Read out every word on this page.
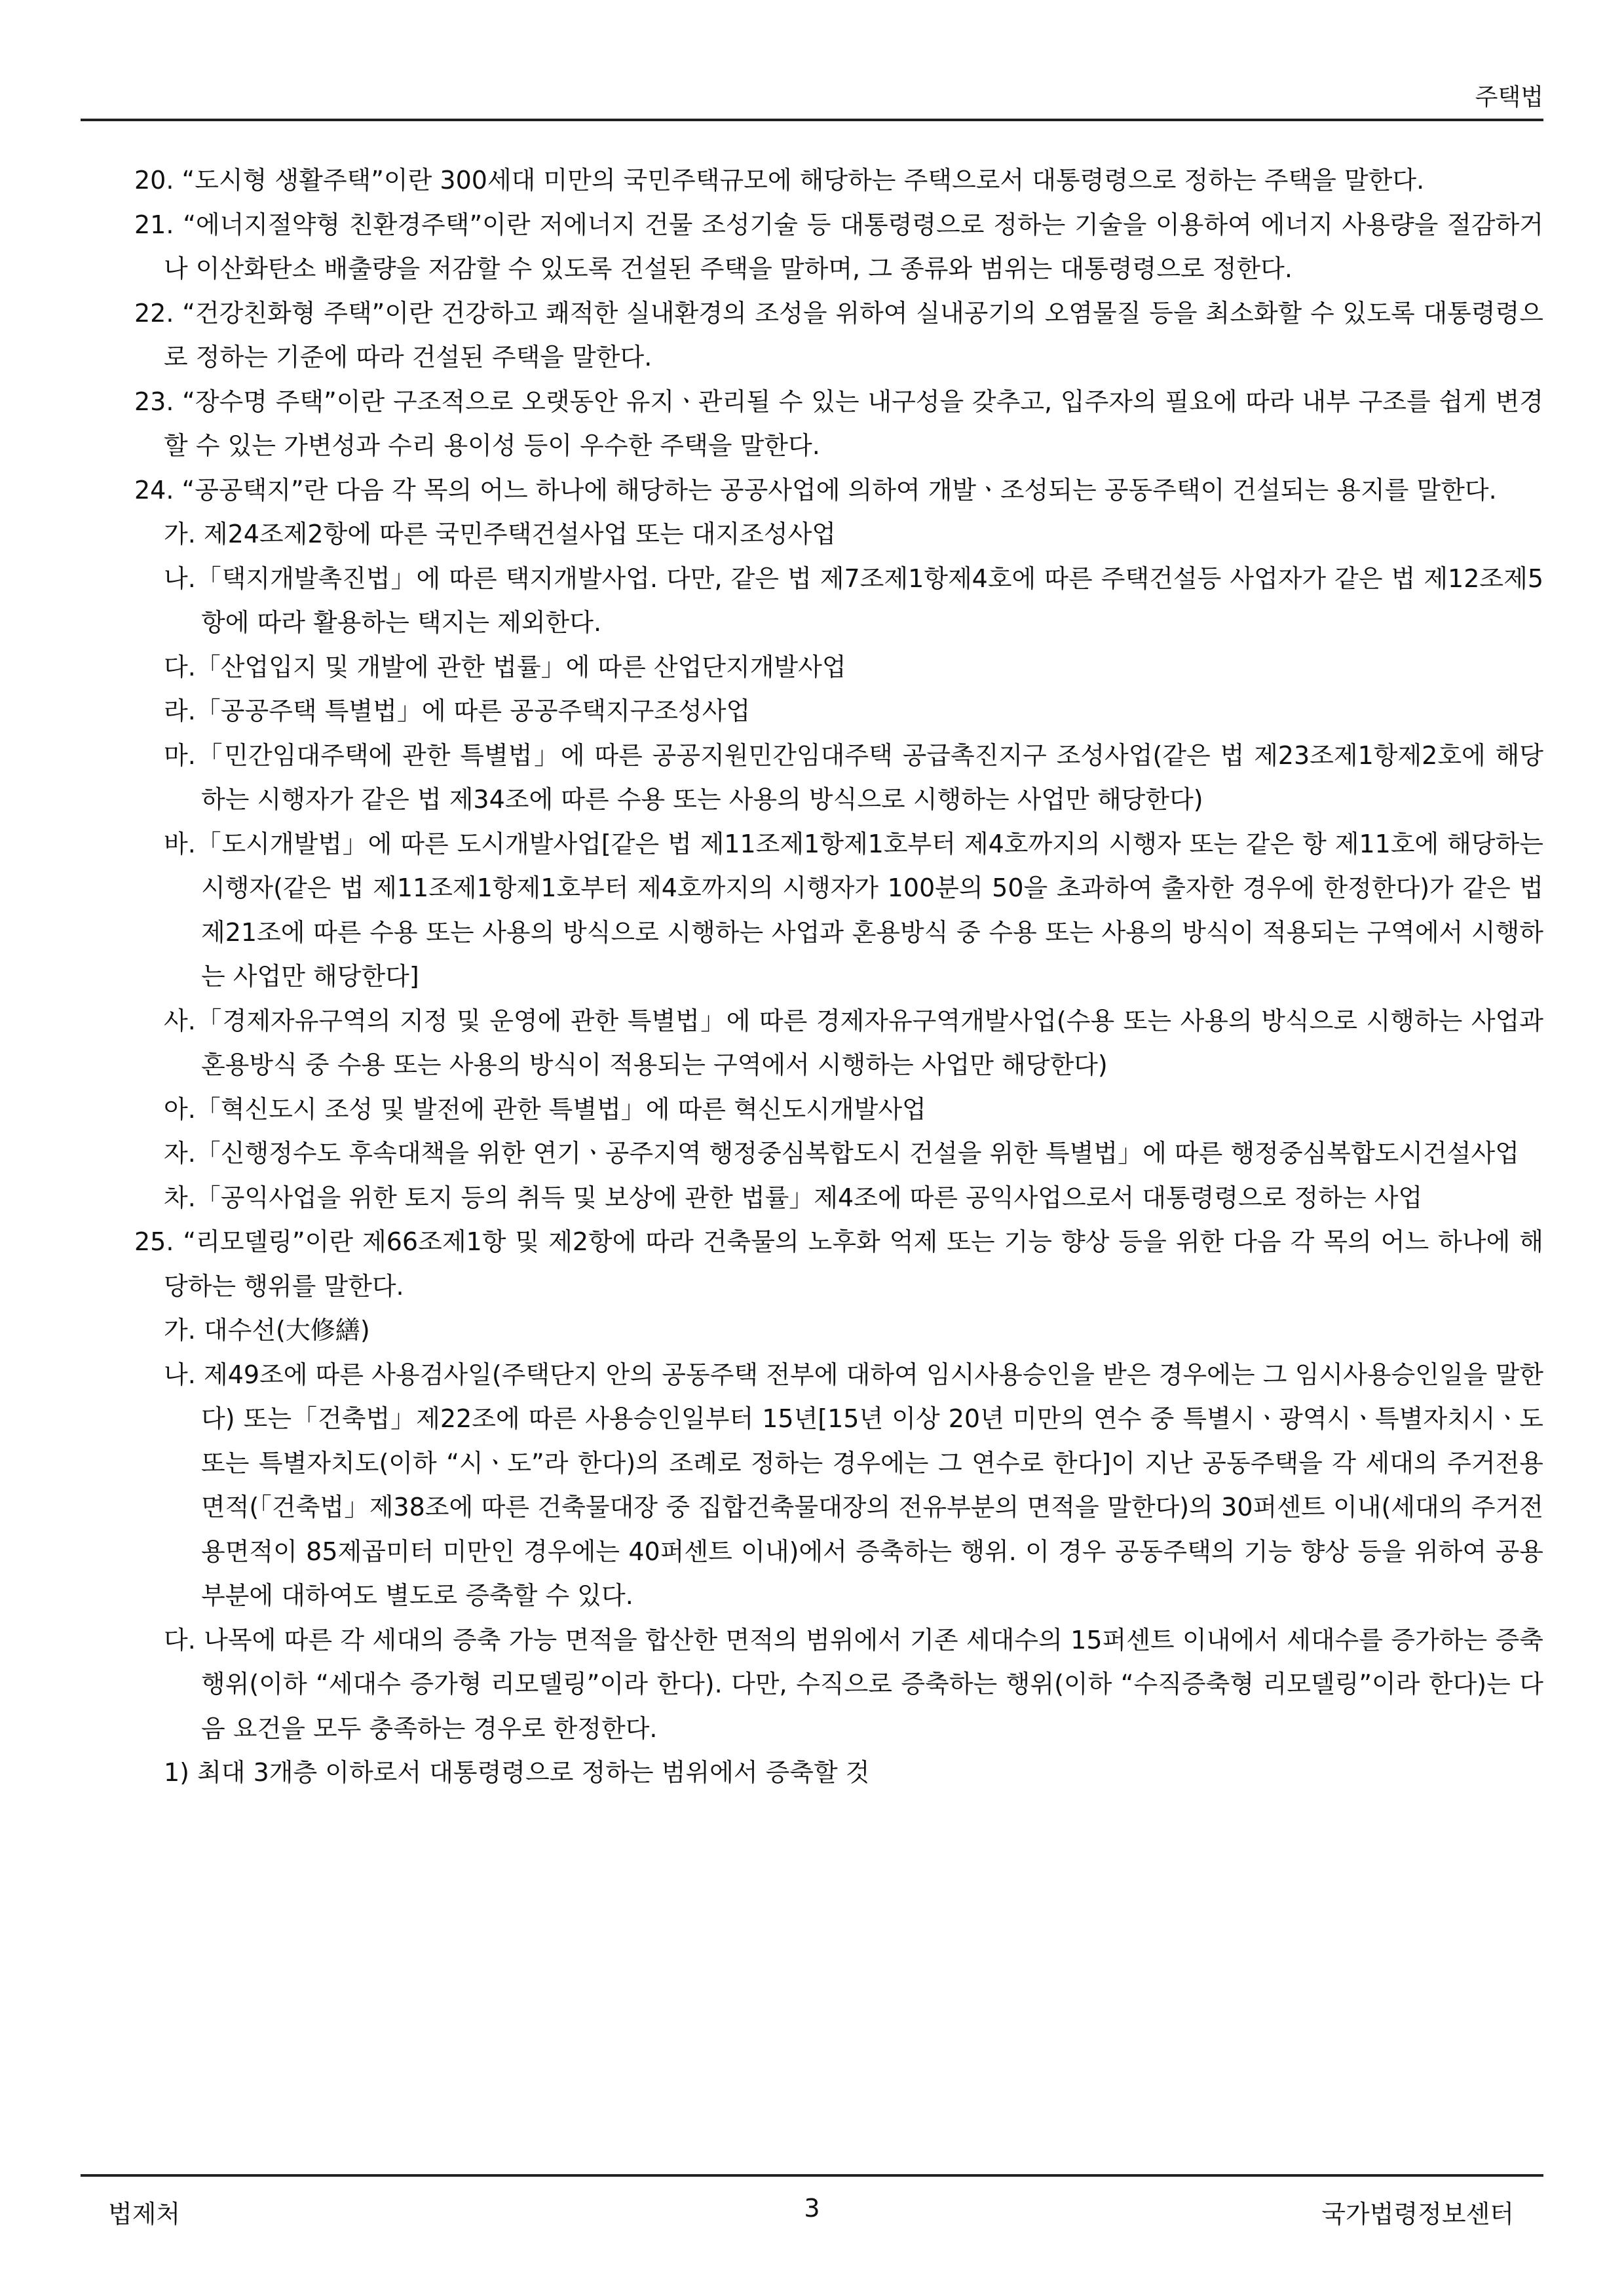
주택법

20. “도시형 생활주택”이란 300세대 미만의 국민주택규모에 해당하는 주택으로서 대통령령으로 정하는 주택을 말한다.

21. “에너지절약형 친환경주택”이란 저에너지 건물 조성기술 등 대통령령으로 정하는 기술을 이용하여 에너지 사용량을 절감하거나 이산화탄소 배출량을 저감할 수 있도록 건설된 주택을 말하며, 그 종류와 범위는 대통령령으로 정한다.

22. “건강친화형 주택”이란 건강하고 쾌적한 실내환경의 조성을 위하여 실내공기의 오염물질 등을 최소화할 수 있도록 대통령령으로 정하는 기준에 따라 건설된 주택을 말한다.

23. “장수명 주택”이란 구조적으로 오랫동안 유지ㆍ관리될 수 있는 내구성을 갖추고, 입주자의 필요에 따라 내부 구조를 쉽게 변경할 수 있는 가변성과 수리 용이성 등이 우수한 주택을 말한다.

24. “공공택지”란 다음 각 목의 어느 하나에 해당하는 공공사업에 의하여 개발ㆍ조성되는 공동주택이 건설되는 용지를 말한다.

가. 제24조제2항에 따른 국민주택건설사업 또는 대지조성사업

나.「택지개발촉진법」에 따른 택지개발사업. 다만, 같은 법 제7조제1항제4호에 따른 주택건설등 사업자가 같은 법 제12조제5항에 따라 활용하는 택지는 제외한다.

다.「산업입지 및 개발에 관한 법률」에 따른 산업단지개발사업

라.「공공주택 특별법」에 따른 공공주택지구조성사업

마.「민간임대주택에 관한 특별법」에 따른 공공지원민간임대주택 공급촉진지구 조성사업(같은 법 제23조제1항제2호에 해당하는 시행자가 같은 법 제34조에 따른 수용 또는 사용의 방식으로 시행하는 사업만 해당한다)

바.「도시개발법」에 따른 도시개발사업[같은 법 제11조제1항제1호부터 제4호까지의 시행자 또는 같은 항 제11호에 해당하는 시행자(같은 법 제11조제1항제1호부터 제4호까지의 시행자가 100분의 50을 초과하여 출자한 경우에 한정한다)가 같은 법 제21조에 따른 수용 또는 사용의 방식으로 시행하는 사업과 혼용방식 중 수용 또는 사용의 방식이 적용되는 구역에서 시행하는 사업만 해당한다]

사.「경제자유구역의 지정 및 운영에 관한 특별법」에 따른 경제자유구역개발사업(수용 또는 사용의 방식으로 시행하는 사업과 혼용방식 중 수용 또는 사용의 방식이 적용되는 구역에서 시행하는 사업만 해당한다)

아.「혁신도시 조성 및 발전에 관한 특별법」에 따른 혁신도시개발사업

자.「신행정수도 후속대책을 위한 연기ㆍ공주지역 행정중심복합도시 건설을 위한 특별법」에 따른 행정중심복합도시건설사업

차.「공익사업을 위한 토지 등의 취득 및 보상에 관한 법률」제4조에 따른 공익사업으로서 대통령령으로 정하는 사업

25. “리모델링”이란 제66조제1항 및 제2항에 따라 건축물의 노후화 억제 또는 기능 향상 등을 위한 다음 각 목의 어느 하나에 해당하는 행위를 말한다.

가. 대수선(大修繕)

나. 제49조에 따른 사용검사일(주택단지 안의 공동주택 전부에 대하여 임시사용승인을 받은 경우에는 그 임시사용승인일을 말한다) 또는「건축법」제22조에 따른 사용승인일부터 15년[15년 이상 20년 미만의 연수 중 특별시ㆍ광역시ㆍ특별자치시ㆍ도 또는 특별자치도(이하 “시ㆍ도”라 한다)의 조례로 정하는 경우에는 그 연수로 한다]이 지난 공동주택을 각 세대의 주거전용면적(「건축법」제38조에 따른 건축물대장 중 집합건축물대장의 전유부분의 면적을 말한다)의 30퍼센트 이내(세대의 주거전용면적이 85제곱미터 미만인 경우에는 40퍼센트 이내)에서 증축하는 행위. 이 경우 공동주택의 기능 향상 등을 위하여 공용부분에 대하여도 별도로 증축할 수 있다.

다. 나목에 따른 각 세대의 증축 가능 면적을 합산한 면적의 범위에서 기존 세대수의 15퍼센트 이내에서 세대수를 증가하는 증축 행위(이하 “세대수 증가형 리모델링”이라 한다). 다만, 수직으로 증축하는 행위(이하 “수직증축형 리모델링”이라 한다)는 다음 요건을 모두 충족하는 경우로 한정한다.

1) 최대 3개층 이하로서 대통령령으로 정하는 범위에서 증축할 것

법제처	3	국가법령정보센터
